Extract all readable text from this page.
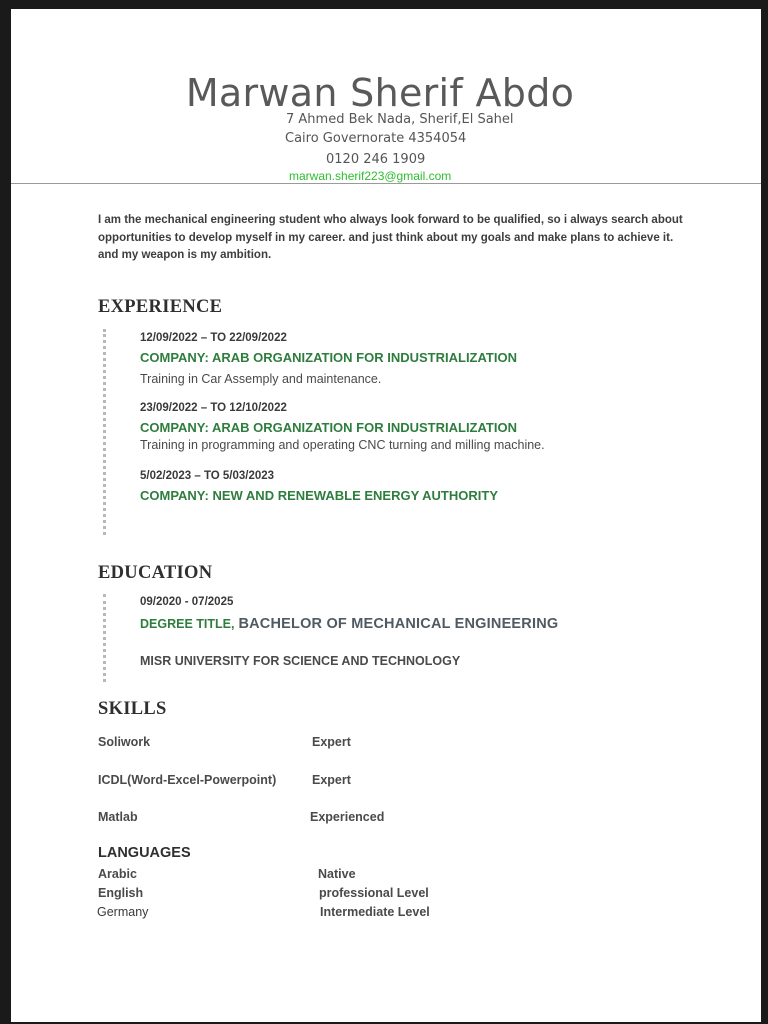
Marwan Sherif Abdo
7 Ahmed Bek Nada, Sherif,El Sahel
Cairo Governorate 4354054
0120 246 1909
marwan.sherif223@gmail.com
I am the mechanical engineering student who always look forward to be qualified, so i always search about opportunities to develop myself in my career. and just think about my goals and make plans to achieve it. and my weapon is my ambition.
EXPERIENCE
12/09/2022 – TO 22/09/2022
COMPANY: ARAB ORGANIZATION FOR INDUSTRIALIZATION
Training in Car Assemply and maintenance.
23/09/2022 – TO 12/10/2022
COMPANY: ARAB ORGANIZATION FOR INDUSTRIALIZATION
Training in programming and operating CNC turning and milling machine.
5/02/2023 – TO 5/03/2023
COMPANY: NEW AND RENEWABLE ENERGY AUTHORITY
EDUCATION
09/2020 - 07/2025
DEGREE TITLE, BACHELOR OF MECHANICAL ENGINEERING
MISR UNIVERSITY FOR SCIENCE AND TECHNOLOGY
SKILLS
Soliwork	Expert
ICDL(Word-Excel-Powerpoint)	Expert
Matlab	Experienced
LANGUAGES
Arabic	Native
English	professional Level
Germany	Intermediate Level
